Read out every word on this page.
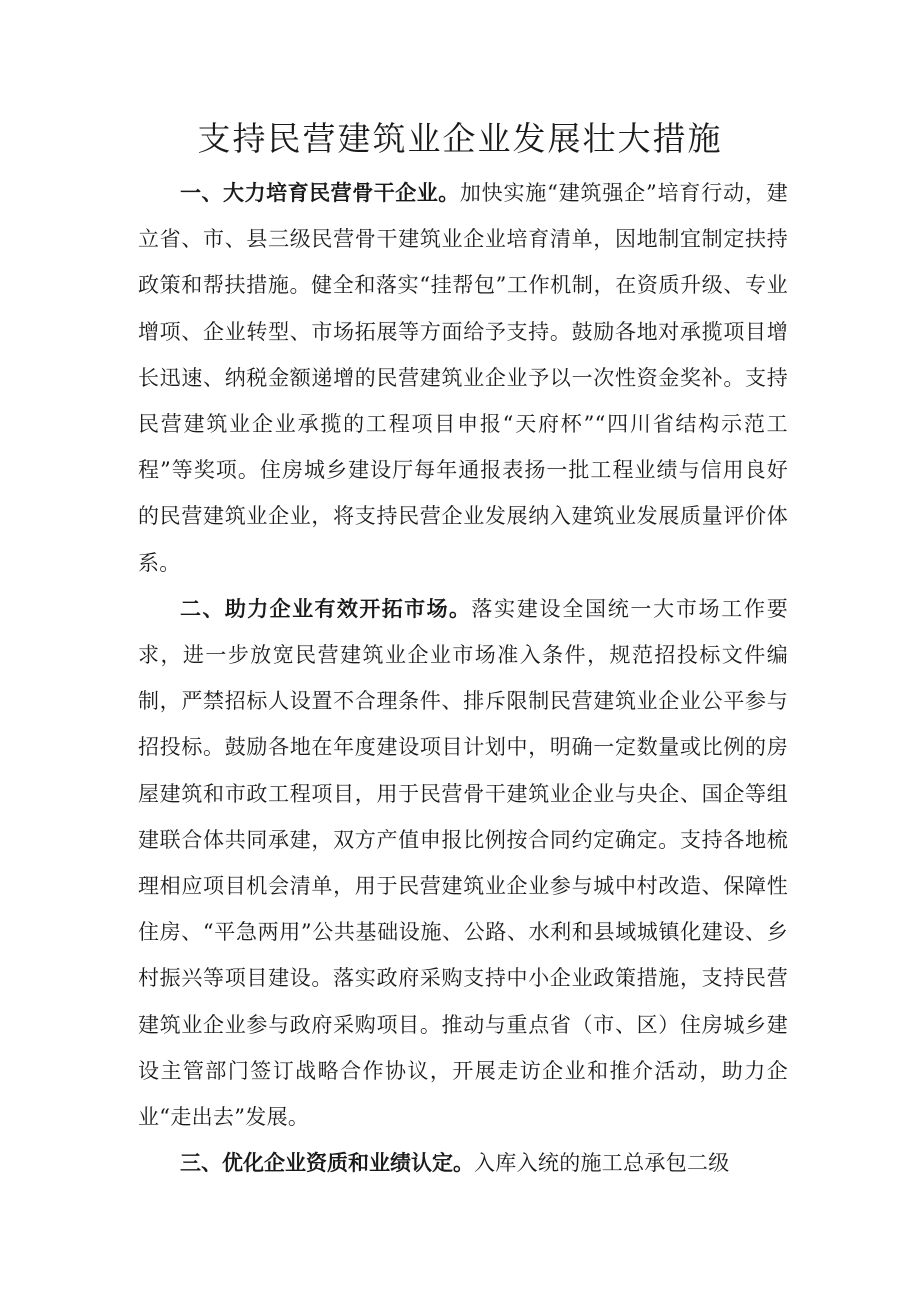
支持民营建筑业企业发展壮大措施

一、大力培育民营骨干企业。加快实施“建筑强企”培育行动，建立省、市、县三级民营骨干建筑业企业培育清单，因地制宜制定扶持政策和帮扶措施。健全和落实“挂帮包”工作机制，在资质升级、专业增项、企业转型、市场拓展等方面给予支持。鼓励各地对承揽项目增长迅速、纳税金额递增的民营建筑业企业予以一次性资金奖补。支持民营建筑业企业承揽的工程项目申报“天府杯”“四川省结构示范工程”等奖项。住房城乡建设厅每年通报表扬一批工程业绩与信用良好的民营建筑业企业，将支持民营企业发展纳入建筑业发展质量评价体系。

二、助力企业有效开拓市场。落实建设全国统一大市场工作要求，进一步放宽民营建筑业企业市场准入条件，规范招投标文件编制，严禁招标人设置不合理条件、排斥限制民营建筑业企业公平参与招投标。鼓励各地在年度建设项目计划中，明确一定数量或比例的房屋建筑和市政工程项目，用于民营骨干建筑业企业与央企、国企等组建联合体共同承建，双方产值申报比例按合同约定确定。支持各地梳理相应项目机会清单，用于民营建筑业企业参与城中村改造、保障性住房、“平急两用”公共基础设施、公路、水利和县域城镇化建设、乡村振兴等项目建设。落实政府采购支持中小企业政策措施，支持民营建筑业企业参与政府采购项目。推动与重点省（市、区）住房城乡建设主管部门签订战略合作协议，开展走访企业和推介活动，助力企业“走出去”发展。

三、优化企业资质和业绩认定。入库入统的施工总承包二级
